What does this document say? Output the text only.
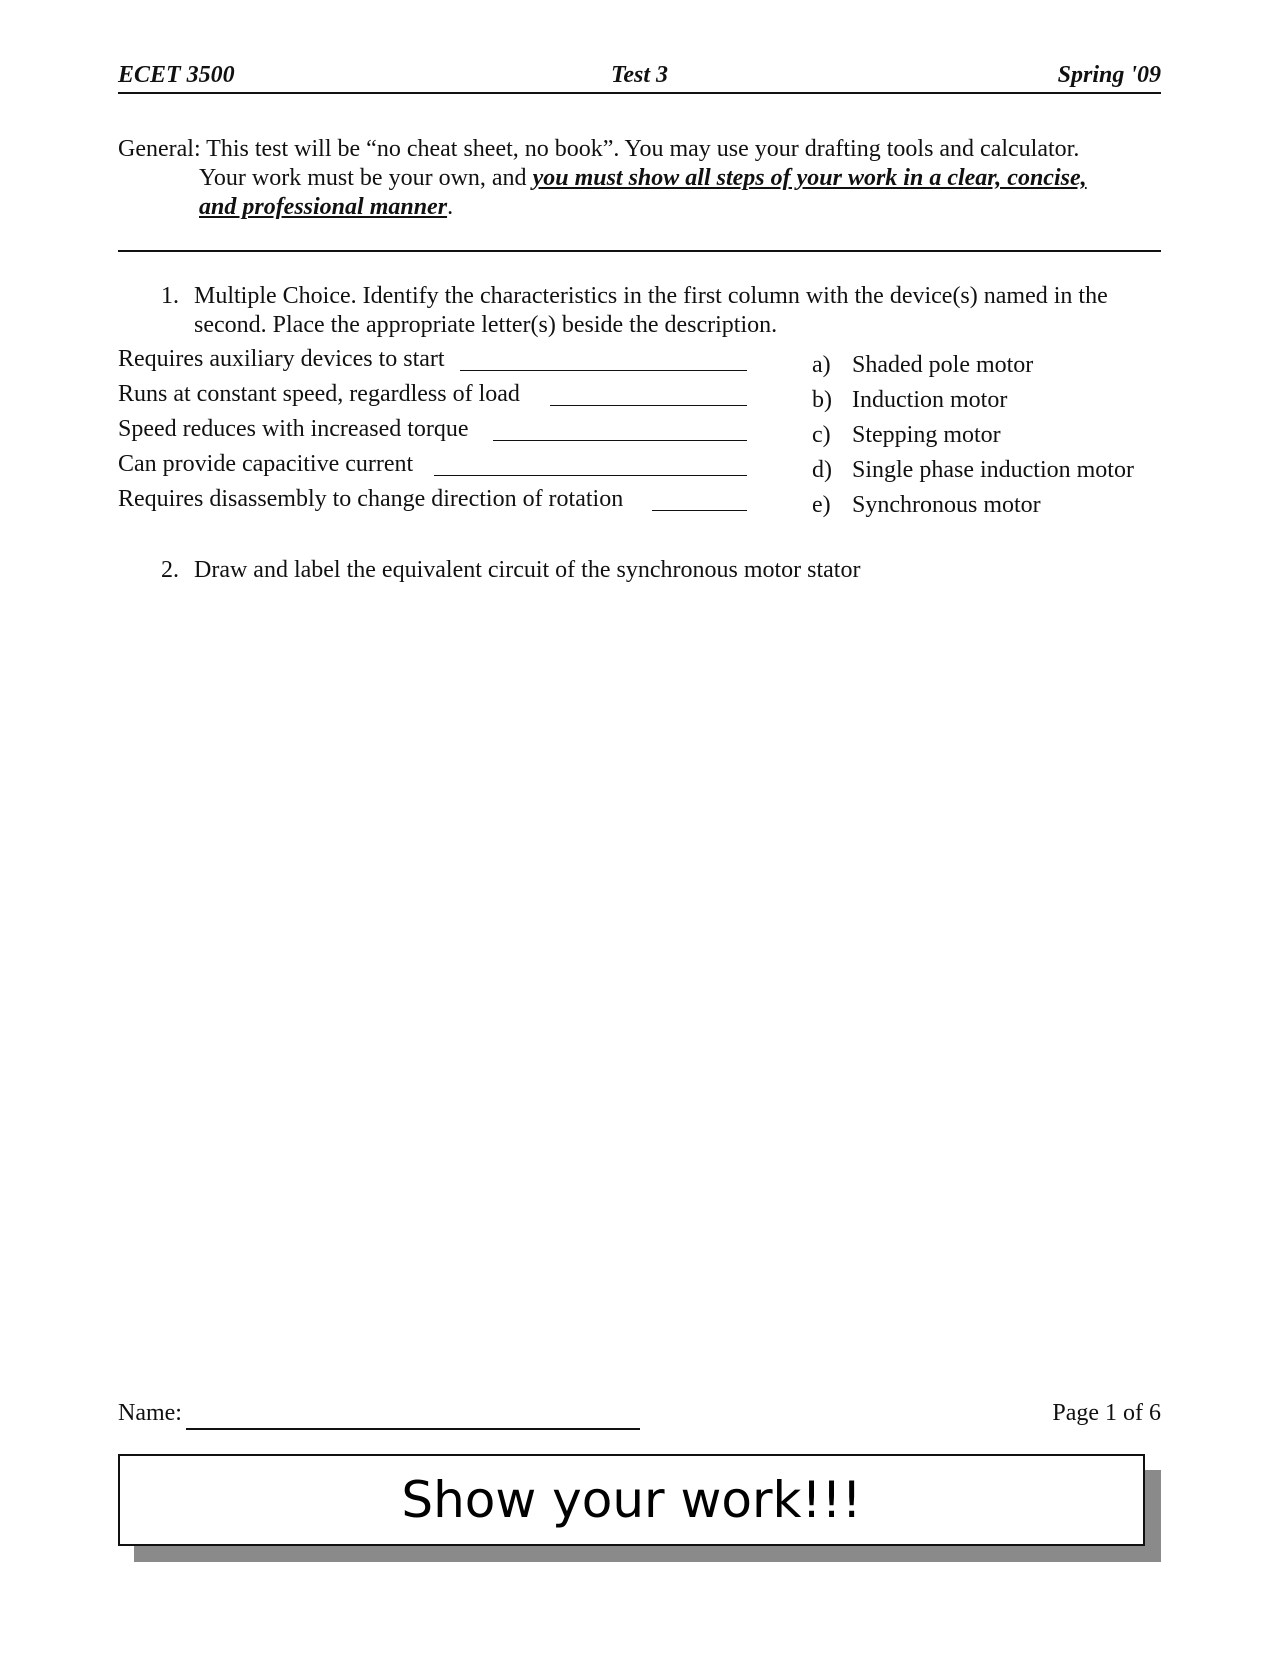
ECET 3500	Test 3	Spring '09
General: This test will be “no cheat sheet, no book”. You may use your drafting tools and calculator.
Your work must be your own, and you must show all steps of your work in a clear, concise,
and professional manner.
1. Multiple Choice. Identify the characteristics in the first column with the device(s) named in the second. Place the appropriate letter(s) beside the description.
Requires auxiliary devices to start
Runs at constant speed, regardless of load
Speed reduces with increased torque
Can provide capacitive current
Requires disassembly to change direction of rotation
a) Shaded pole motor
b) Induction motor
c) Stepping motor
d) Single phase induction motor
e) Synchronous motor
2. Draw and label the equivalent circuit of the synchronous motor stator
Name:	Page 1 of 6
Show your work!!!
